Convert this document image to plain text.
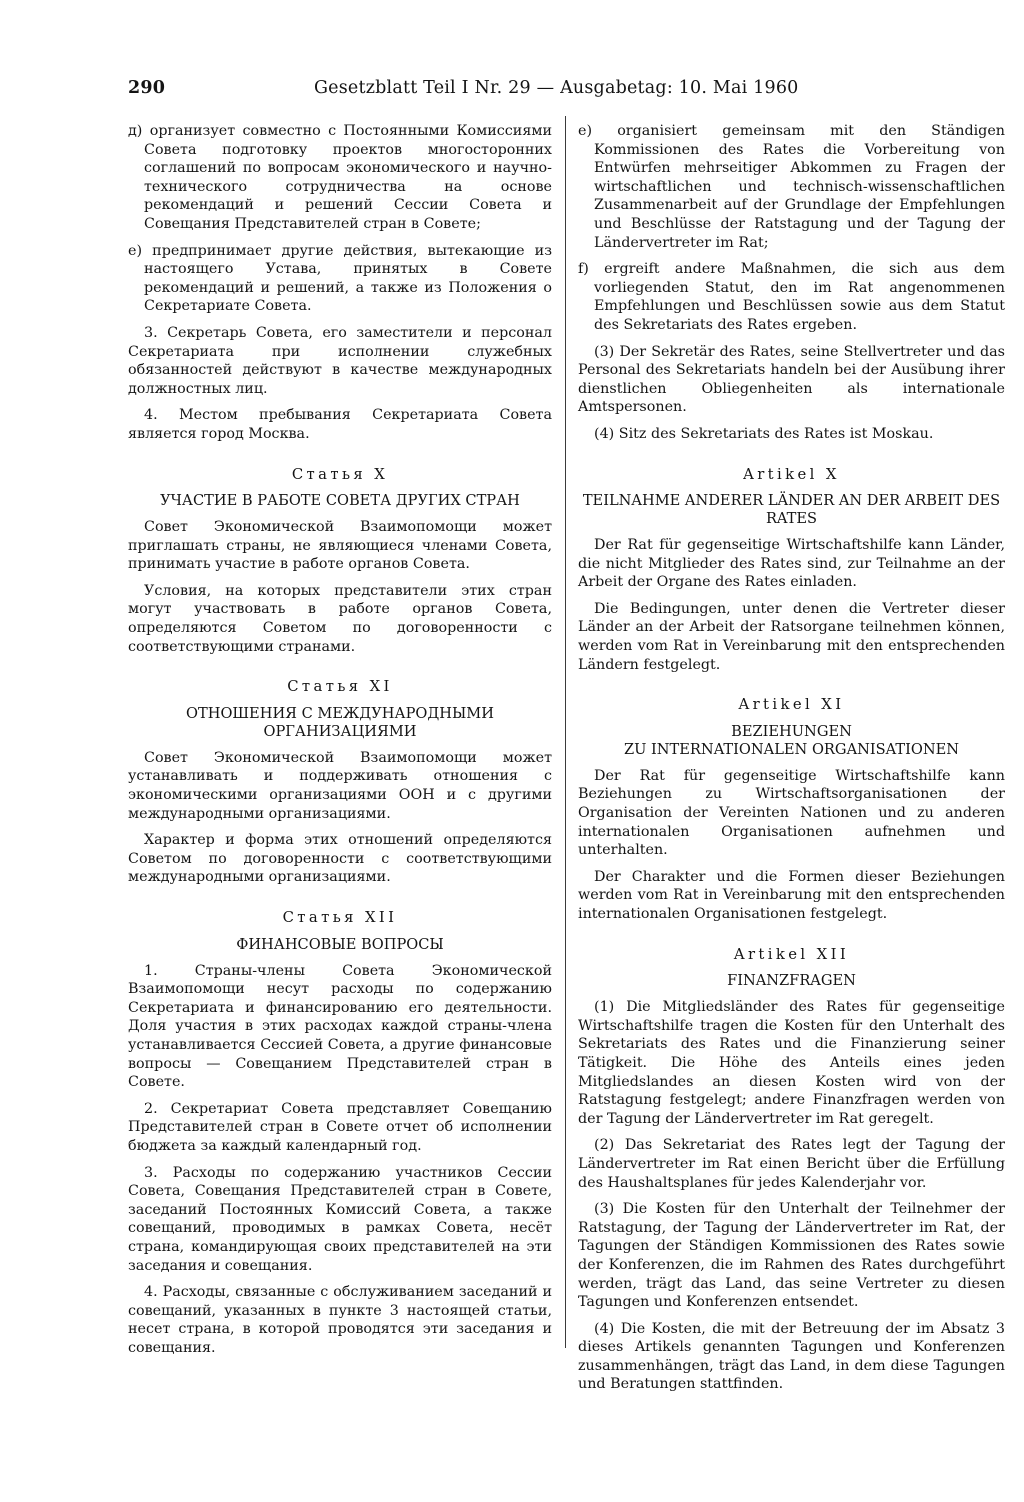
290	Gesetzblatt Teil I Nr. 29 — Ausgabetag: 10. Mai 1960

д) организует совместно с Постоянными Комиссиями Совета подготовку проектов многосторонних соглашений по вопросам экономического и научно-технического сотрудничества на основе рекомендаций и решений Сессии Совета и Совещания Представителей стран в Совете;

е) предпринимает другие действия, вытекающие из настоящего Устава, принятых в Совете рекомендаций и решений, а также из Положения о Секретариате Совета.

3. Секретарь Совета, его заместители и персонал Секретариата при исполнении служебных обязанностей действуют в качестве международных должностных лиц.

4. Местом пребывания Секретариата Совета является город Москва.

Статья X
УЧАСТИЕ В РАБОТЕ СОВЕТА ДРУГИХ СТРАН

Совет Экономической Взаимопомощи может приглашать страны, не являющиеся членами Совета, принимать участие в работе органов Совета.

Условия, на которых представители этих стран могут участвовать в работе органов Совета, определяются Советом по договоренности с соответствующими странами.

Статья XI
ОТНОШЕНИЯ С МЕЖДУНАРОДНЫМИ ОРГАНИЗАЦИЯМИ

Совет Экономической Взаимопомощи может устанавливать и поддерживать отношения с экономическими организациями ООН и с другими международными организациями.

Характер и форма этих отношений определяются Советом по договоренности с соответствующими международными организациями.

Статья XII
ФИНАНСОВЫЕ ВОПРОСЫ

1. Страны-члены Совета Экономической Взаимопомощи несут расходы по содержанию Секретариата и финансированию его деятельности. Доля участия в этих расходах каждой страны-члена устанавливается Сессией Совета, а другие финансовые вопросы — Совещанием Представителей стран в Совете.

2. Секретариат Совета представляет Совещанию Представителей стран в Совете отчет об исполнении бюджета за каждый календарный год.

3. Расходы по содержанию участников Сессии Совета, Совещания Представителей стран в Совете, заседаний Постоянных Комиссий Совета, а также совещаний, проводимых в рамках Совета, несёт страна, командирующая своих представителей на эти заседания и совещания.

4. Расходы, связанные с обслуживанием заседаний и совещаний, указанных в пункте 3 настоящей статьи, несет страна, в которой проводятся эти заседания и совещания.

e) organisiert gemeinsam mit den Ständigen Kommissionen des Rates die Vorbereitung von Entwürfen mehrseitiger Abkommen zu Fragen der wirtschaftlichen und technisch-wissenschaftlichen Zusammenarbeit auf der Grundlage der Empfehlungen und Beschlüsse der Ratstagung und der Tagung der Ländervertreter im Rat;

f) ergreift andere Maßnahmen, die sich aus dem vorliegenden Statut, den im Rat angenommenen Empfehlungen und Beschlüssen sowie aus dem Statut des Sekretariats des Rates ergeben.

(3) Der Sekretär des Rates, seine Stellvertreter und das Personal des Sekretariats handeln bei der Ausübung ihrer dienstlichen Obliegenheiten als internationale Amtspersonen.

(4) Sitz des Sekretariats des Rates ist Moskau.

Artikel X
TEILNAHME ANDERER LÄNDER AN DER ARBEIT DES RATES

Der Rat für gegenseitige Wirtschaftshilfe kann Länder, die nicht Mitglieder des Rates sind, zur Teilnahme an der Arbeit der Organe des Rates einladen.

Die Bedingungen, unter denen die Vertreter dieser Länder an der Arbeit der Ratsorgane teilnehmen können, werden vom Rat in Vereinbarung mit den entsprechenden Ländern festgelegt.

Artikel XI
BEZIEHUNGEN
ZU INTERNATIONALEN ORGANISATIONEN

Der Rat für gegenseitige Wirtschaftshilfe kann Beziehungen zu Wirtschaftsorganisationen der Organisation der Vereinten Nationen und zu anderen internationalen Organisationen aufnehmen und unterhalten.

Der Charakter und die Formen dieser Beziehungen werden vom Rat in Vereinbarung mit den entsprechenden internationalen Organisationen festgelegt.

Artikel XII
FINANZFRAGEN

(1) Die Mitgliedsländer des Rates für gegenseitige Wirtschaftshilfe tragen die Kosten für den Unterhalt des Sekretariats des Rates und die Finanzierung seiner Tätigkeit. Die Höhe des Anteils eines jeden Mitgliedslandes an diesen Kosten wird von der Ratstagung festgelegt; andere Finanzfragen werden von der Tagung der Ländervertreter im Rat geregelt.

(2) Das Sekretariat des Rates legt der Tagung der Ländervertreter im Rat einen Bericht über die Erfüllung des Haushaltsplanes für jedes Kalenderjahr vor.

(3) Die Kosten für den Unterhalt der Teilnehmer der Ratstagung, der Tagung der Ländervertreter im Rat, der Tagungen der Ständigen Kommissionen des Rates sowie der Konferenzen, die im Rahmen des Rates durchgeführt werden, trägt das Land, das seine Vertreter zu diesen Tagungen und Konferenzen entsendet.

(4) Die Kosten, die mit der Betreuung der im Absatz 3 dieses Artikels genannten Tagungen und Konferenzen zusammenhängen, trägt das Land, in dem diese Tagungen und Beratungen stattfinden.
